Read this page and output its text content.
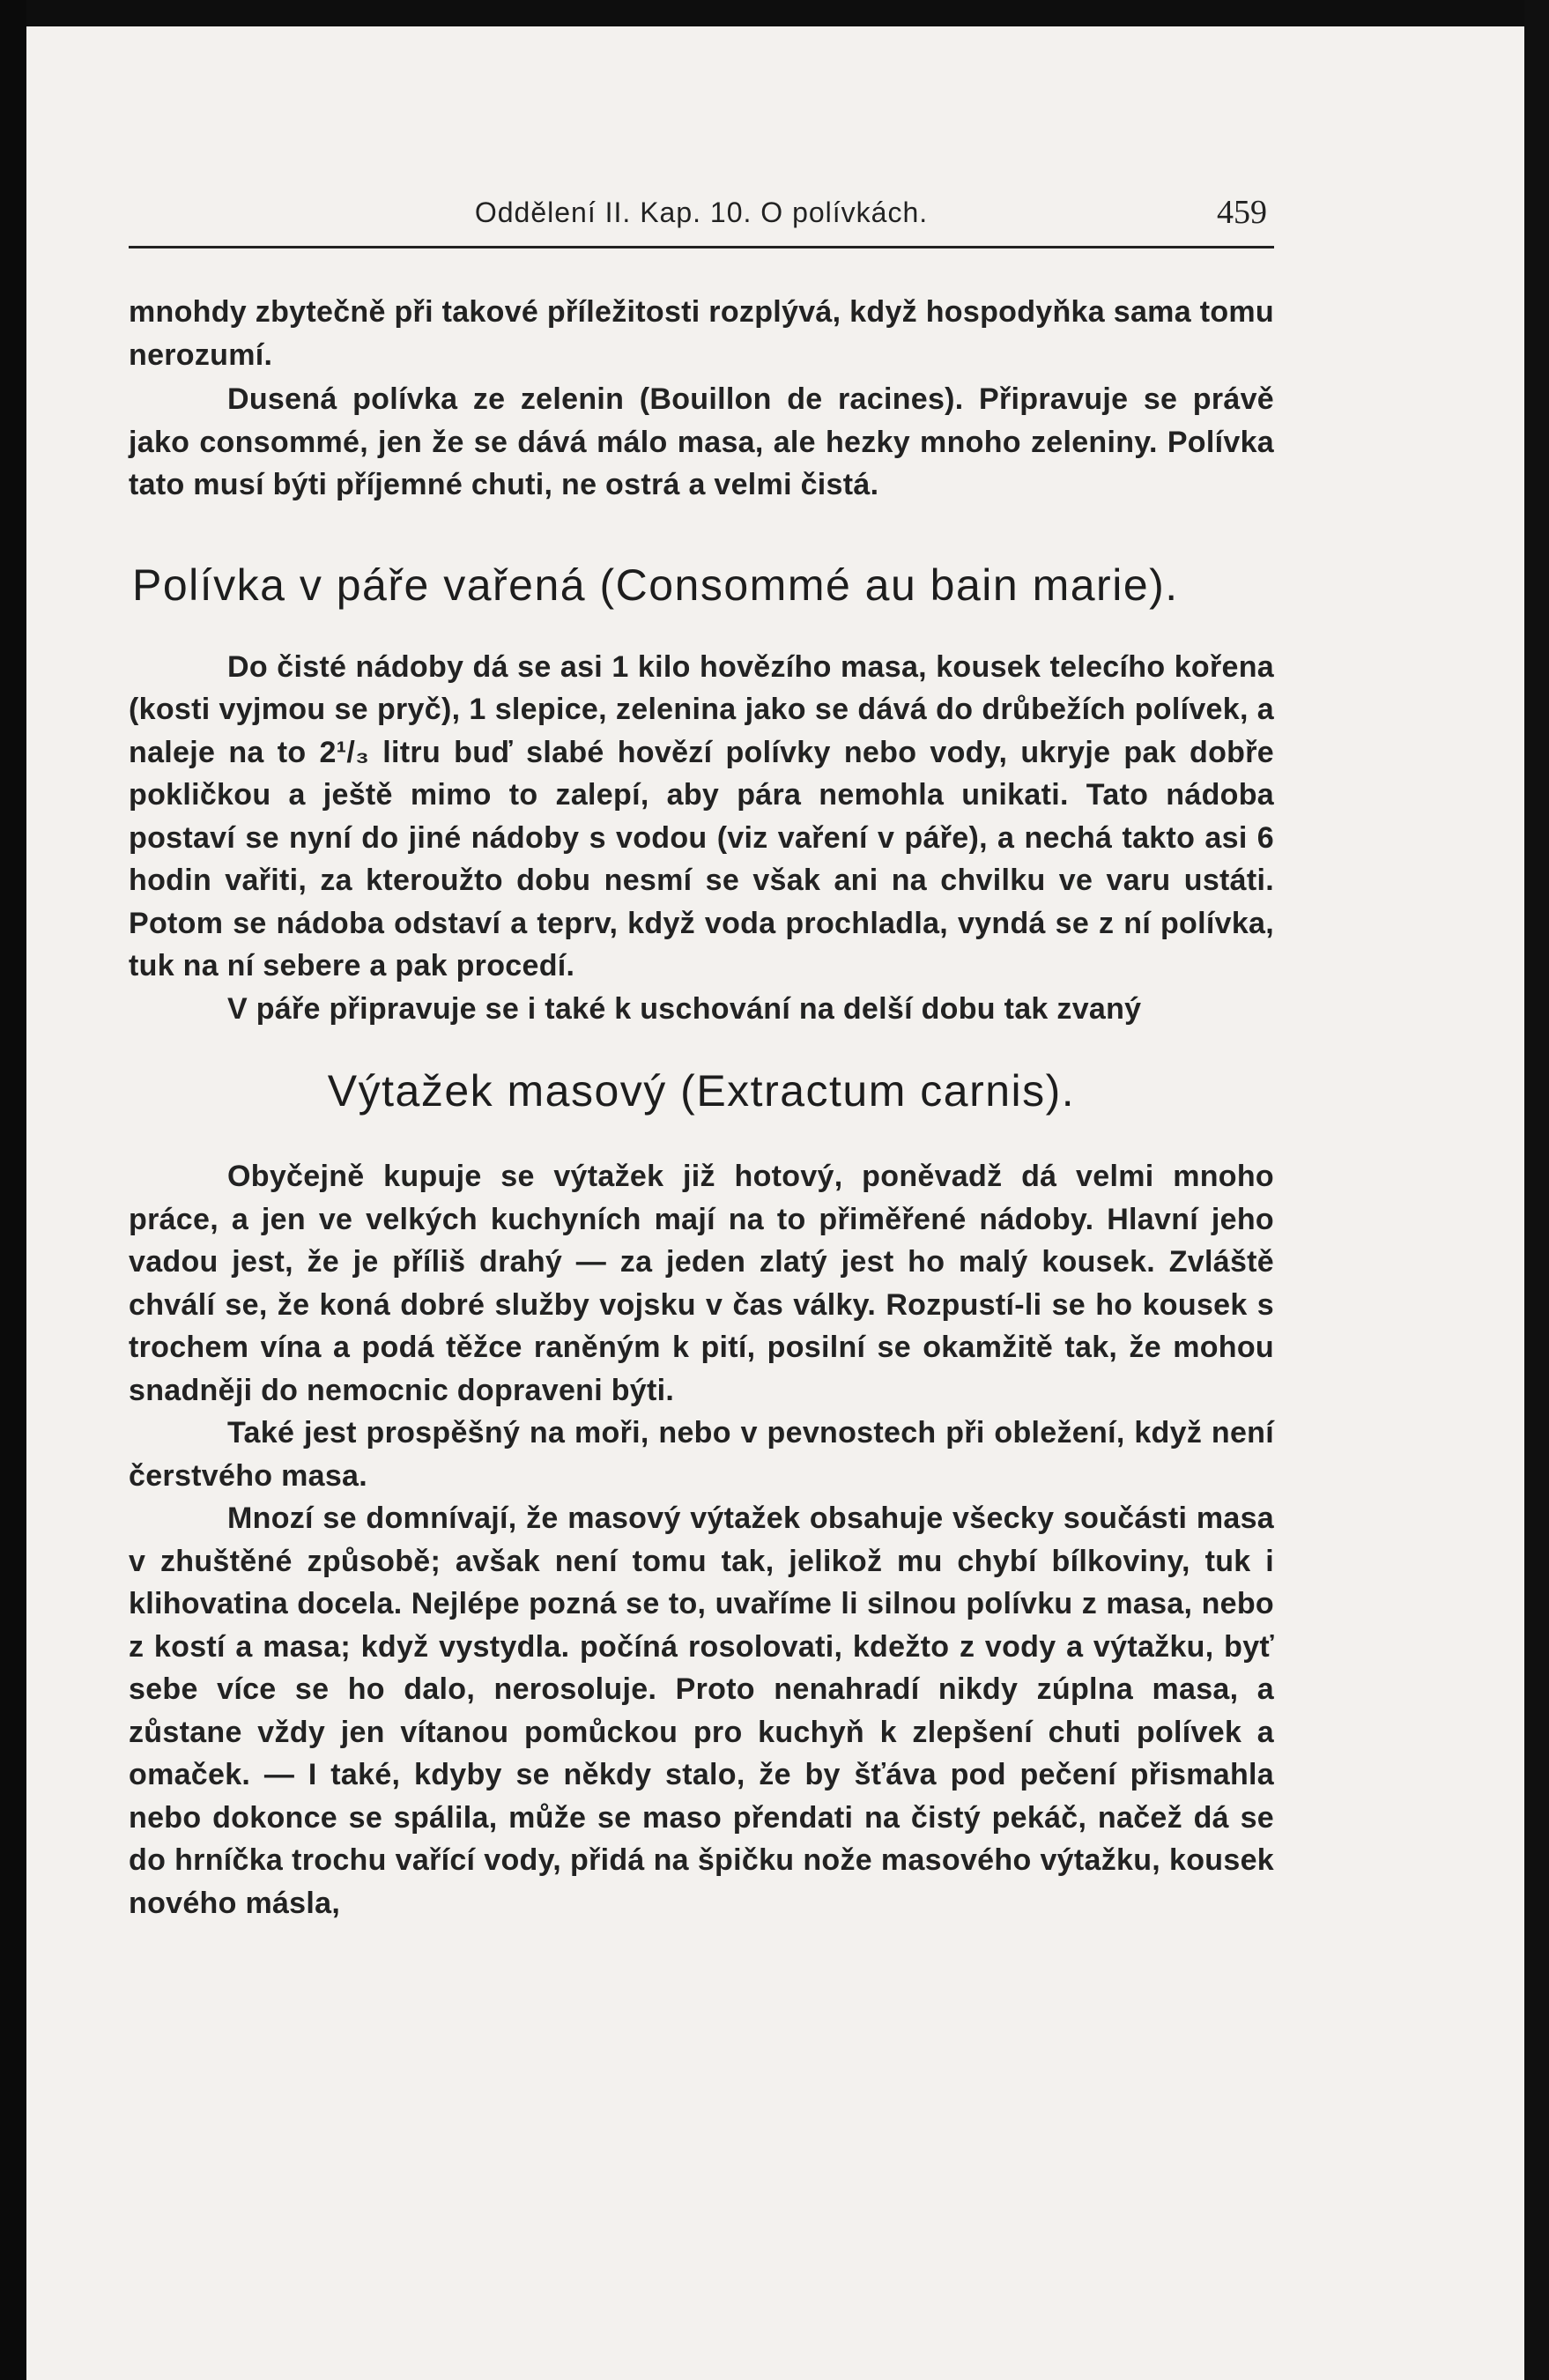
Oddělení II. Kap. 10. O polívkách.	459

mnohdy zbytečně při takové příležitosti rozplývá, když hospodyňka sama tomu nerozumí.

Dusená polívka ze zelenin (Bouillon de racines). Připravuje se právě jako consommé, jen že se dává málo masa, ale hezky mnoho zeleniny. Polívka tato musí býti příjemné chuti, ne ostrá a velmi čistá.

Polívka v páře vařená (Consommé au bain marie).

Do čisté nádoby dá se asi 1 kilo hovězího masa, kousek telecího kořena (kosti vyjmou se pryč), 1 slepice, zelenina jako se dává do drůbežích polívek, a naleje na to 2¹/₃ litru buď slabé hovězí polívky nebo vody, ukryje pak dobře pokličkou a ještě mimo to zalepí, aby pára nemohla unikati. Tato nádoba postaví se nyní do jiné nádoby s vodou (viz vaření v páře), a nechá takto asi 6 hodin vařiti, za kteroužto dobu nesmí se však ani na chvilku ve varu ustáti. Potom se nádoba odstaví a teprv, když voda prochladla, vyndá se z ní polívka, tuk na ní sebere a pak procedí.

V páře připravuje se i také k uschování na delší dobu tak zvaný

Výtažek masový (Extractum carnis).

Obyčejně kupuje se výtažek již hotový, poněvadž dá velmi mnoho práce, a jen ve velkých kuchyních mají na to přiměřené nádoby. Hlavní jeho vadou jest, že je příliš drahý — za jeden zlatý jest ho malý kousek. Zvláště chválí se, že koná dobré služby vojsku v čas války. Rozpustí-li se ho kousek s trochem vína a podá těžce raněným k pití, posilní se okamžitě tak, že mohou snadněji do nemocnic dopraveni býti.

Také jest prospěšný na moři, nebo v pevnostech při obležení, když není čerstvého masa.

Mnozí se domnívají, že masový výtažek obsahuje všecky součásti masa v zhuštěné způsobě; avšak není tomu tak, jelikož mu chybí bílkoviny, tuk i klihovatina docela. Nejlépe pozná se to, uvaříme li silnou polívku z masa, nebo z kostí a masa; když vystydla. počíná rosolovati, kdežto z vody a výtažku, byť sebe více se ho dalo, nerosoluje. Proto nenahradí nikdy zúplna masa, a zůstane vždy jen vítanou pomůckou pro kuchyň k zlepšení chuti polívek a omaček. — I také, kdyby se někdy stalo, že by šťáva pod pečení přismahla nebo dokonce se spálila, může se maso přendati na čistý pekáč, načež dá se do hrníčka trochu vařící vody, přidá na špičku nože masového výtažku, kousek nového másla,
